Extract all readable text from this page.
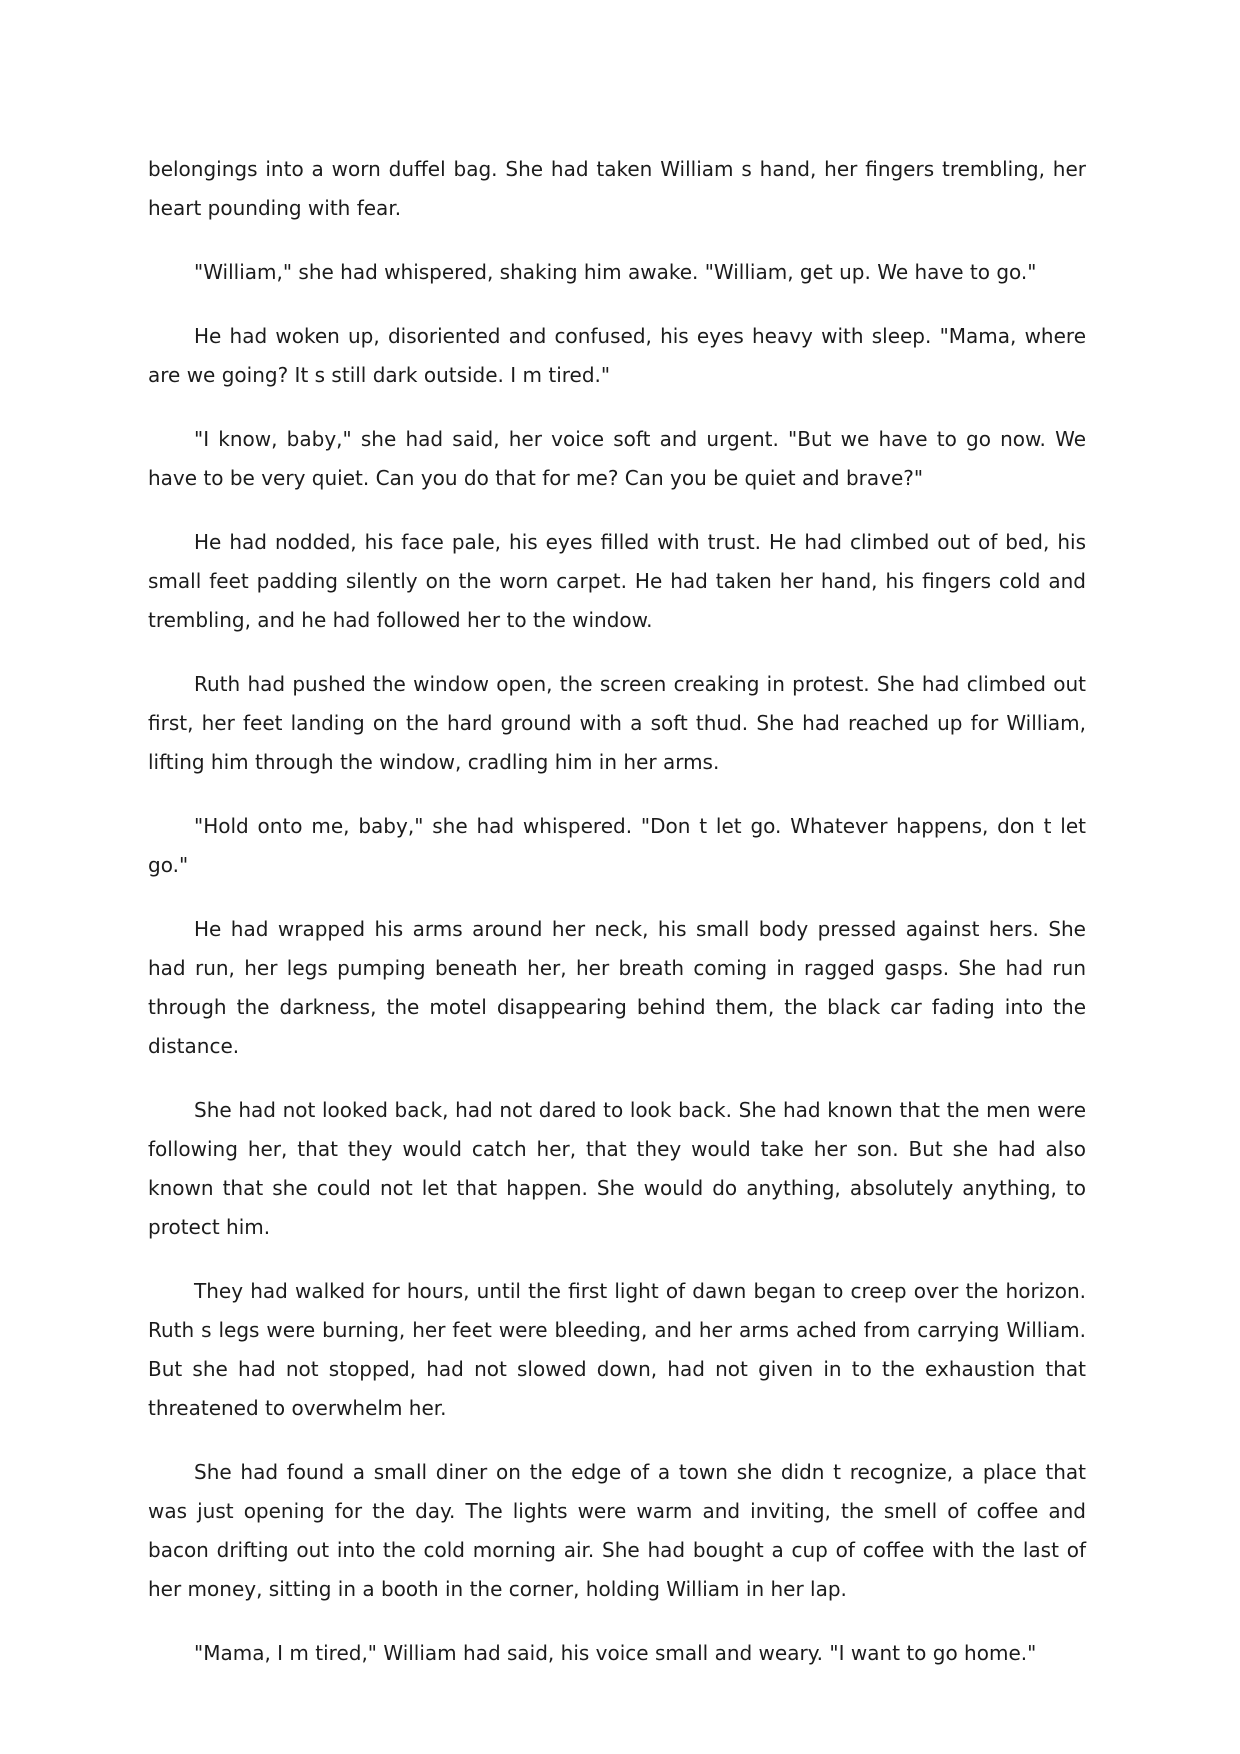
belongings into a worn duffel bag. She had taken William s hand, her fingers trembling, her heart pounding with fear.

"William," she had whispered, shaking him awake. "William, get up. We have to go."

He had woken up, disoriented and confused, his eyes heavy with sleep. "Mama, where are we going? It s still dark outside. I m tired."

"I know, baby," she had said, her voice soft and urgent. "But we have to go now. We have to be very quiet. Can you do that for me? Can you be quiet and brave?"

He had nodded, his face pale, his eyes filled with trust. He had climbed out of bed, his small feet padding silently on the worn carpet. He had taken her hand, his fingers cold and trembling, and he had followed her to the window.

Ruth had pushed the window open, the screen creaking in protest. She had climbed out first, her feet landing on the hard ground with a soft thud. She had reached up for William, lifting him through the window, cradling him in her arms.

"Hold onto me, baby," she had whispered. "Don t let go. Whatever happens, don t let go."

He had wrapped his arms around her neck, his small body pressed against hers. She had run, her legs pumping beneath her, her breath coming in ragged gasps. She had run through the darkness, the motel disappearing behind them, the black car fading into the distance.

She had not looked back, had not dared to look back. She had known that the men were following her, that they would catch her, that they would take her son. But she had also known that she could not let that happen. She would do anything, absolutely anything, to protect him.

They had walked for hours, until the first light of dawn began to creep over the horizon. Ruth s legs were burning, her feet were bleeding, and her arms ached from carrying William. But she had not stopped, had not slowed down, had not given in to the exhaustion that threatened to overwhelm her.

She had found a small diner on the edge of a town she didn t recognize, a place that was just opening for the day. The lights were warm and inviting, the smell of coffee and bacon drifting out into the cold morning air. She had bought a cup of coffee with the last of her money, sitting in a booth in the corner, holding William in her lap.

"Mama, I m tired," William had said, his voice small and weary. "I want to go home."
